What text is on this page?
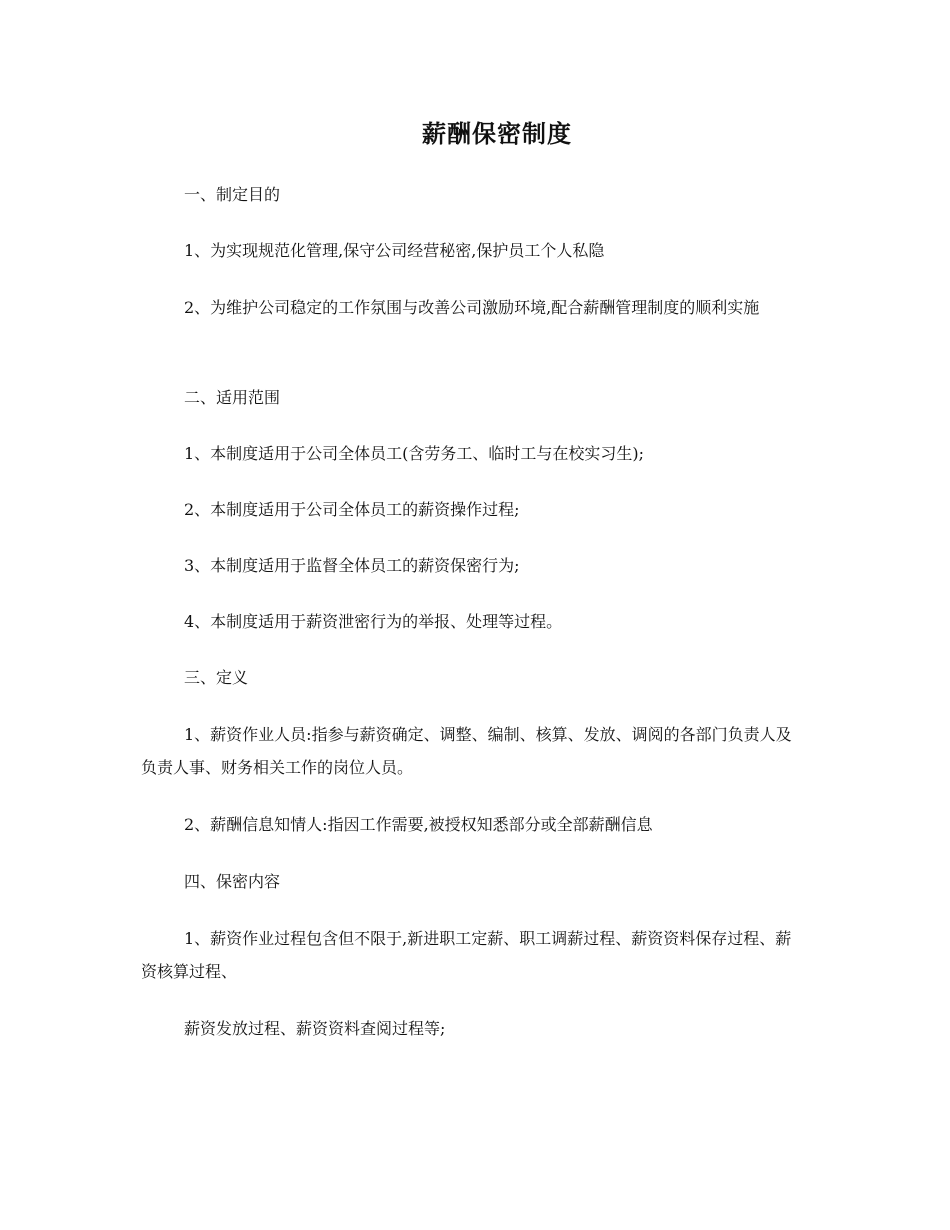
薪酬保密制度

一、制定目的

1、为实现规范化管理,保守公司经营秘密,保护员工个人私隐

2、为维护公司稳定的工作氛围与改善公司激励环境,配合薪酬管理制度的顺利实施

二、适用范围

1、本制度适用于公司全体员工(含劳务工、临时工与在校实习生);

2、本制度适用于公司全体员工的薪资操作过程;

3、本制度适用于监督全体员工的薪资保密行为;

4、本制度适用于薪资泄密行为的举报、处理等过程。

三、定义

1、薪资作业人员:指参与薪资确定、调整、编制、核算、发放、调阅的各部门负责人及负责人事、财务相关工作的岗位人员。

2、薪酬信息知情人:指因工作需要,被授权知悉部分或全部薪酬信息

四、保密内容

1、薪资作业过程包含但不限于,新进职工定薪、职工调薪过程、薪资资料保存过程、薪资核算过程、

薪资发放过程、薪资资料查阅过程等;
